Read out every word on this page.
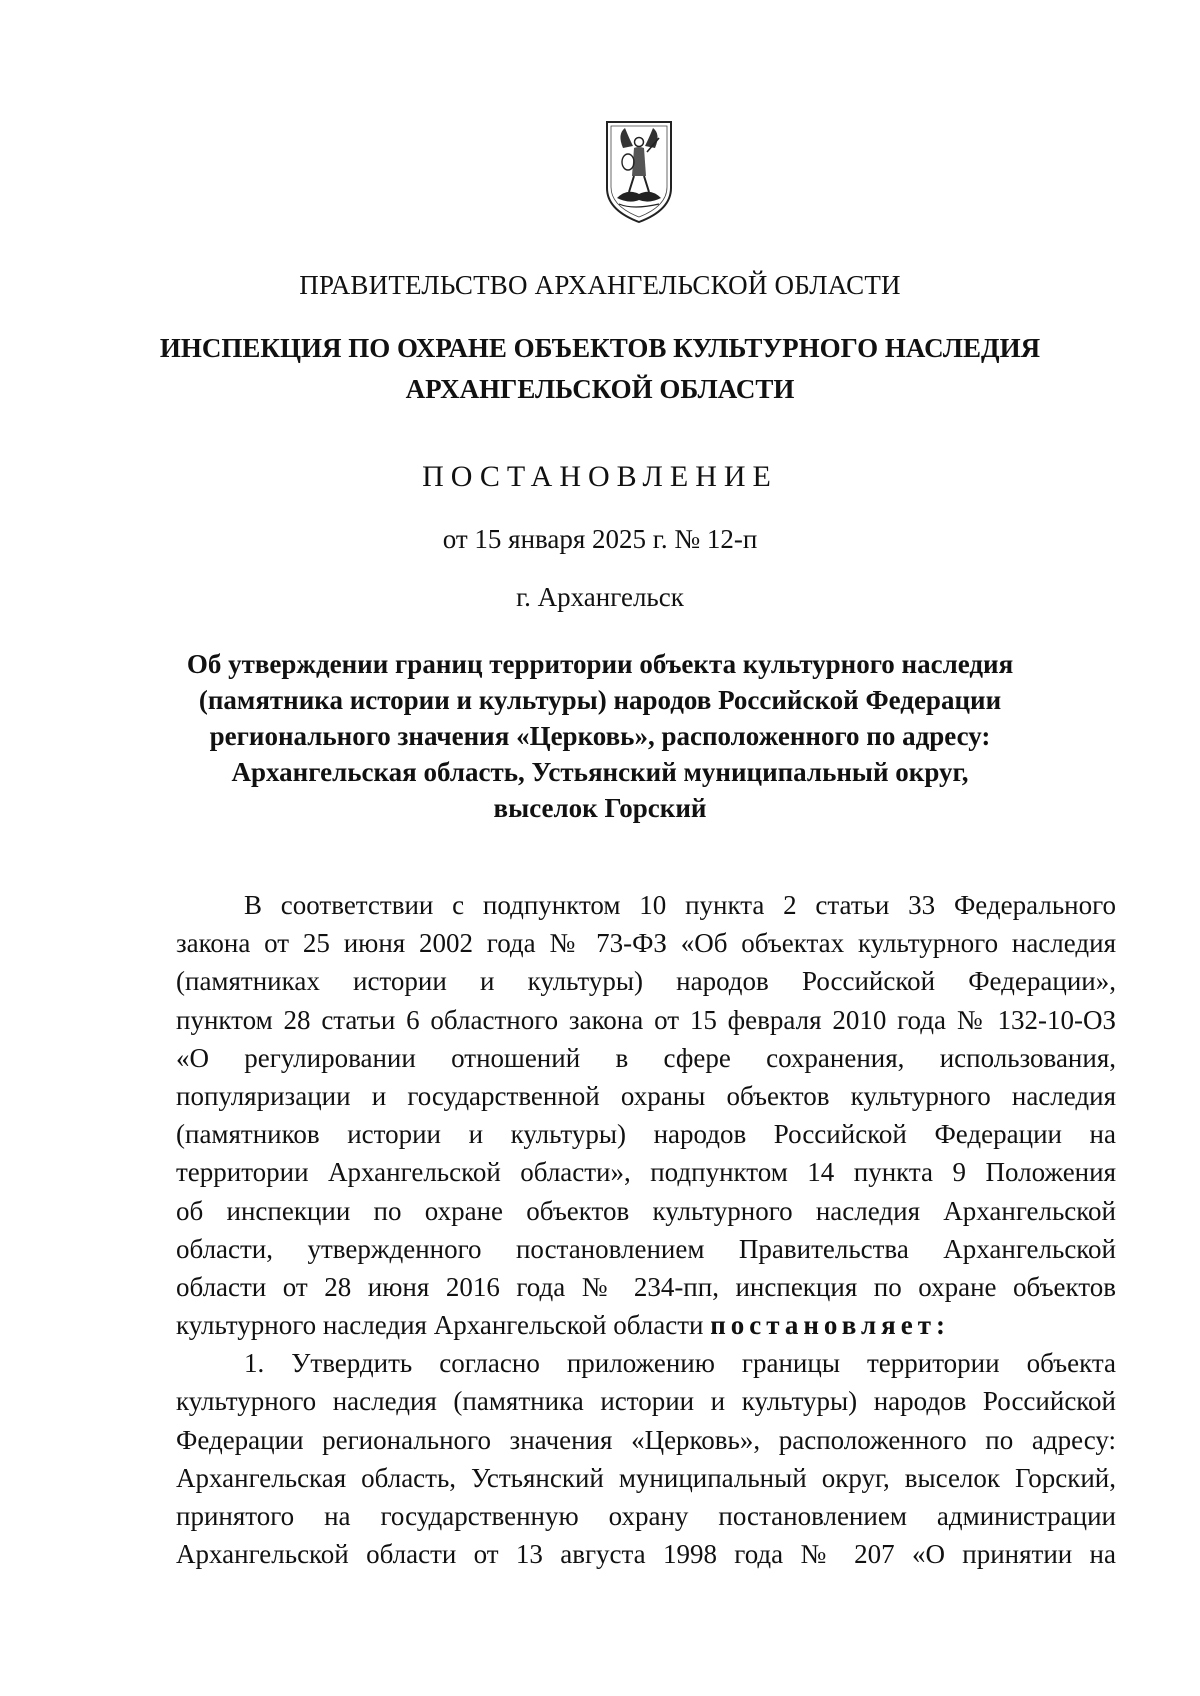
ПРАВИТЕЛЬСТВО АРХАНГЕЛЬСКОЙ ОБЛАСТИ
ИНСПЕКЦИЯ ПО ОХРАНЕ ОБЪЕКТОВ КУЛЬТУРНОГО НАСЛЕДИЯ
АРХАНГЕЛЬСКОЙ ОБЛАСТИ
ПОСТАНОВЛЕНИЕ
от 15 января 2025 г. № 12-п
г. Архангельск
Об утверждении границ территории объекта культурного наследия
(памятника истории и культуры) народов Российской Федерации
регионального значения «Церковь», расположенного по адресу:
Архангельская область, Устьянский муниципальный округ,
выселок Горский
В соответствии с подпунктом 10 пункта 2 статьи 33 Федерального
закона от 25 июня 2002 года № 73-ФЗ «Об объектах культурного наследия
(памятниках истории и культуры) народов Российской Федерации»,
пунктом 28 статьи 6 областного закона от 15 февраля 2010 года № 132-10-ОЗ
«О регулировании отношений в сфере сохранения, использования,
популяризации и государственной охраны объектов культурного наследия
(памятников истории и культуры) народов Российской Федерации на
территории Архангельской области», подпунктом 14 пункта 9 Положения
об инспекции по охране объектов культурного наследия Архангельской
области, утвержденного постановлением Правительства Архангельской
области от 28 июня 2016 года № 234-пп, инспекция по охране объектов
культурного наследия Архангельской области постановляет:
1. Утвердить согласно приложению границы территории объекта
культурного наследия (памятника истории и культуры) народов Российской
Федерации регионального значения «Церковь», расположенного по адресу:
Архангельская область, Устьянский муниципальный округ, выселок Горский,
принятого на государственную охрану постановлением администрации
Архангельской области от 13 августа 1998 года № 207 «О принятии на
